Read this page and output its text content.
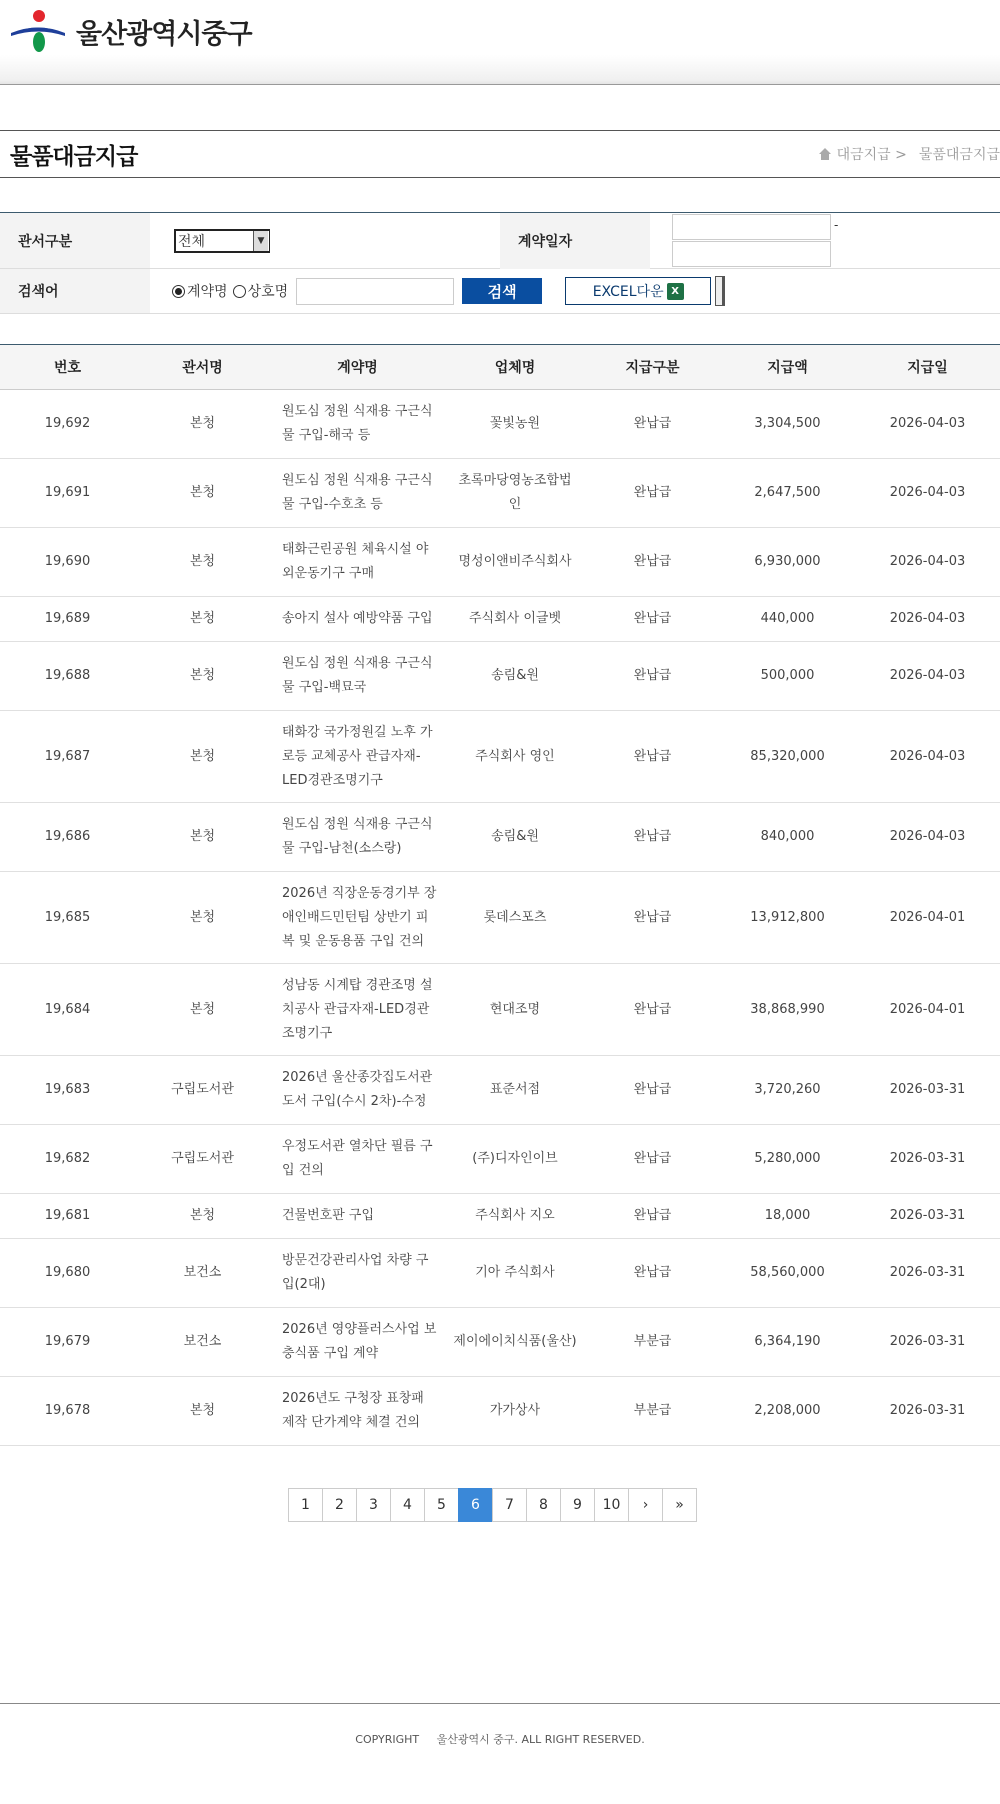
울산광역시중구
물품대금지급	대금지급 > 물품대금지급
관서구분	전체	▼	계약일자
-
검색어	계약명 상호명	검색	EXCEL다운 X
번호	관서명	계약명	업체명	지급구분	지급액	지급일
19,692	본청	원도심 정원 식재용 구근식물 구입-해국 등	꽃빛농원	완납급	3,304,500	2026-04-03
19,691	본청	원도심 정원 식재용 구근식물 구입-수호초 등	초록마당영농조합법인	완납급	2,647,500	2026-04-03
19,690	본청	태화근린공원 체육시설 야외운동기구 구매	명성이앤비주식회사	완납급	6,930,000	2026-04-03
19,689	본청	송아지 설사 예방약품 구입	주식회사 이글벳	완납급	440,000	2026-04-03
19,688	본청	원도심 정원 식재용 구근식물 구입-백묘국	송림&원	완납급	500,000	2026-04-03
19,687	본청	태화강 국가정원길 노후 가로등 교체공사 관급자재-LED경관조명기구	주식회사 영인	완납급	85,320,000	2026-04-03
19,686	본청	원도심 정원 식재용 구근식물 구입-남천(소스랑)	송림&원	완납급	840,000	2026-04-03
19,685	본청	2026년 직장운동경기부 장애인배드민턴팀 상반기 피복 및 운동용품 구입 건의	롯데스포츠	완납급	13,912,800	2026-04-01
19,684	본청	성남동 시계탑 경관조명 설치공사 관급자재-LED경관조명기구	현대조명	완납급	38,868,990	2026-04-01
19,683	구립도서관	2026년 울산종갓집도서관 도서 구입(수시 2차)-수정	표준서점	완납급	3,720,260	2026-03-31
19,682	구립도서관	우정도서관 열차단 필름 구입 건의	(주)디자인이브	완납급	5,280,000	2026-03-31
19,681	본청	건물번호판 구입	주식회사 지오	완납급	18,000	2026-03-31
19,680	보건소	방문건강관리사업 차량 구입(2대)	기아 주식회사	완납급	58,560,000	2026-03-31
19,679	보건소	2026년 영양플러스사업 보충식품 구입 계약	제이에이치식품(울산)	부분급	6,364,190	2026-03-31
19,678	본청	2026년도 구청장 표창패 제작 단가계약 체결 건의	가가상사	부분급	2,208,000	2026-03-31
1	2	3	4	5	6	7	8	9	10	›	»

COPYRIGHT     울산광역시 중구. ALL RIGHT RESERVED.
